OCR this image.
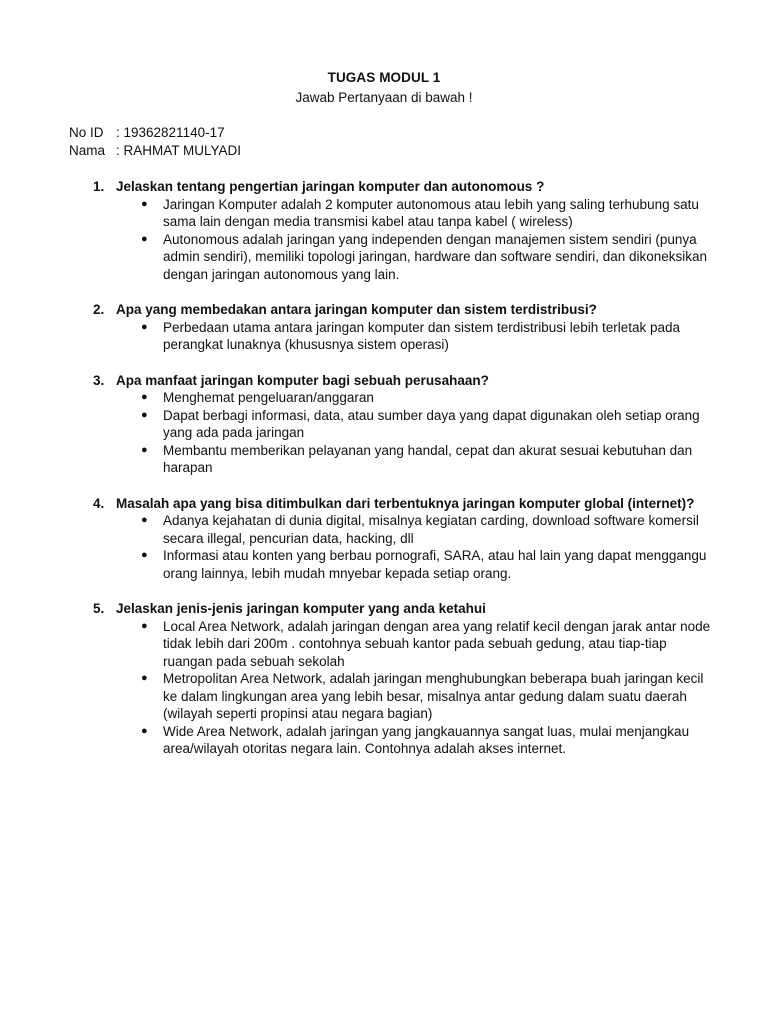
TUGAS MODUL 1
Jawab Pertanyaan di bawah !
No ID : 19362821140-17
Nama : RAHMAT MULYADI
1. Jelaskan tentang pengertian jaringan komputer dan autonomous ?
● Jaringan Komputer adalah 2 komputer autonomous atau lebih yang saling terhubung satu sama lain dengan media transmisi kabel atau tanpa kabel ( wireless)
● Autonomous adalah jaringan yang independen dengan manajemen sistem sendiri (punya admin sendiri), memiliki topologi jaringan, hardware dan software sendiri, dan dikoneksikan dengan jaringan autonomous yang lain.
2. Apa yang membedakan antara jaringan komputer dan sistem terdistribusi?
● Perbedaan utama antara jaringan komputer dan sistem terdistribusi lebih terletak pada perangkat lunaknya (khususnya sistem operasi)
3. Apa manfaat jaringan komputer bagi sebuah perusahaan?
● Menghemat pengeluaran/anggaran
● Dapat berbagi informasi, data, atau sumber daya yang dapat digunakan oleh setiap orang yang ada pada jaringan
● Membantu memberikan pelayanan yang handal, cepat dan akurat sesuai kebutuhan dan harapan
4. Masalah apa yang bisa ditimbulkan dari terbentuknya jaringan komputer global (internet)?
● Adanya kejahatan di dunia digital, misalnya kegiatan carding, download software komersil secara illegal, pencurian data, hacking, dll
● Informasi atau konten yang berbau pornografi, SARA, atau hal lain yang dapat menggangu orang lainnya, lebih mudah mnyebar kepada setiap orang.
5. Jelaskan jenis-jenis jaringan komputer yang anda ketahui
● Local Area Network, adalah jaringan dengan area yang relatif kecil dengan jarak antar node tidak lebih dari 200m . contohnya sebuah kantor pada sebuah gedung, atau tiap-tiap ruangan pada sebuah sekolah
● Metropolitan Area Network, adalah jaringan menghubungkan beberapa buah jaringan kecil ke dalam lingkungan area yang lebih besar, misalnya antar gedung dalam suatu daerah (wilayah seperti propinsi atau negara bagian)
● Wide Area Network, adalah jaringan yang jangkauannya sangat luas, mulai menjangkau area/wilayah otoritas negara lain. Contohnya adalah akses internet.
